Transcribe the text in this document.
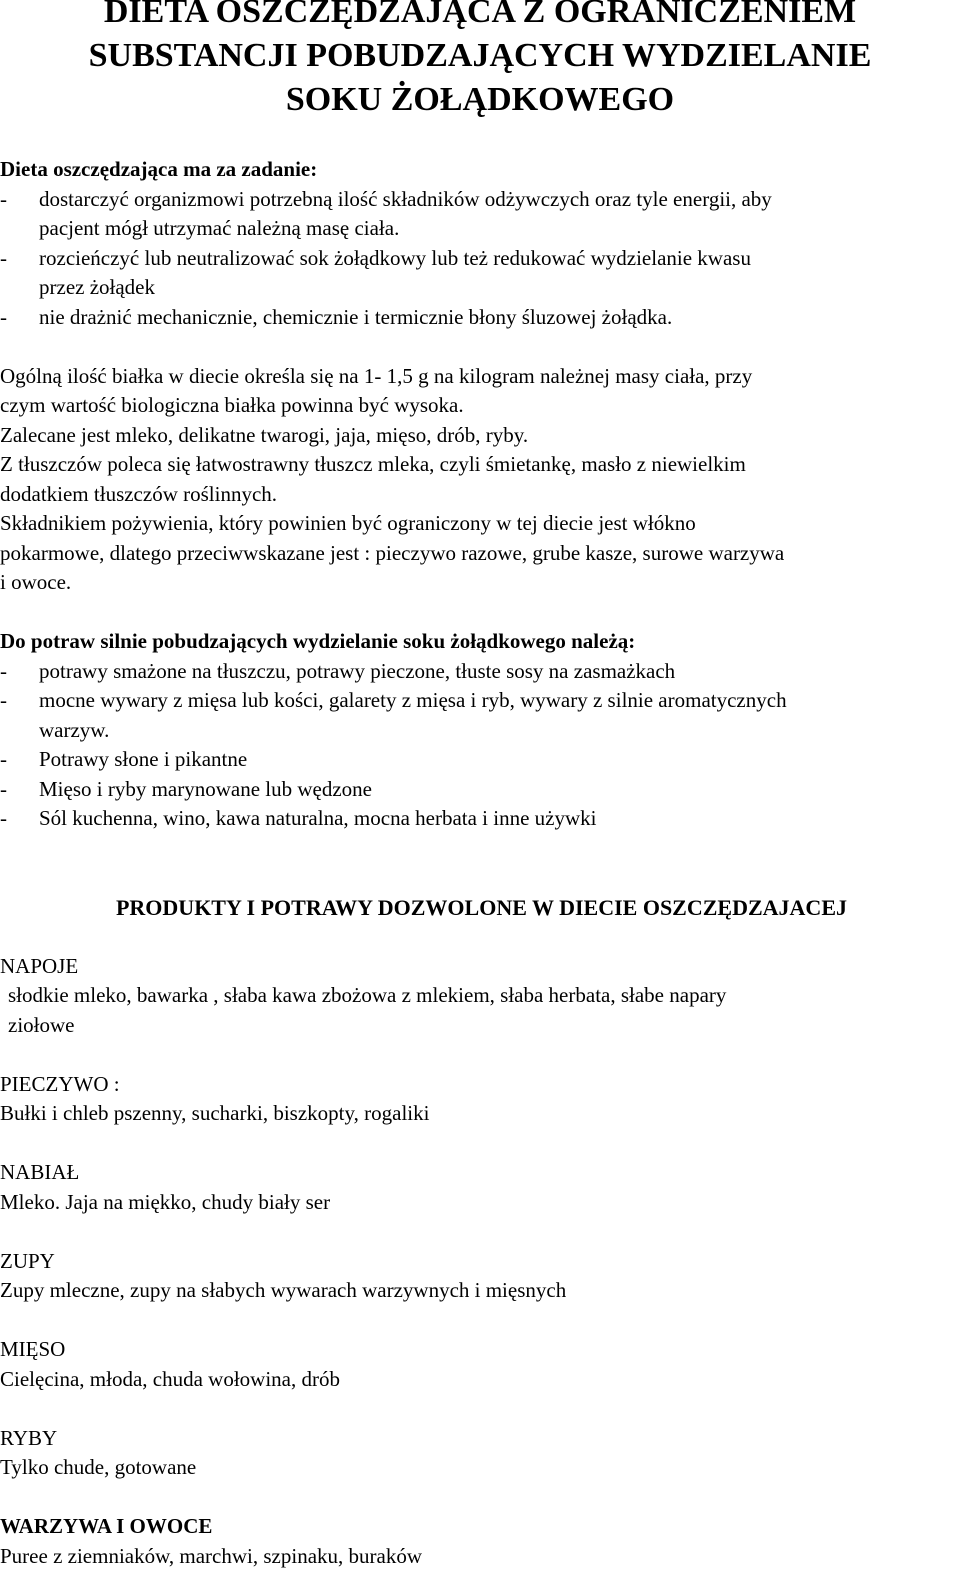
DIETA OSZCZĘDZAJĄCA Z OGRANICZENIEM
SUBSTANCJI POBUDZAJĄCYCH WYDZIELANIE
SOKU ŻOŁĄDKOWEGO
Dieta oszczędzająca ma za zadanie:
- dostarczyć organizmowi potrzebną ilość składników odżywczych oraz tyle energii, aby
pacjent mógł utrzymać należną masę ciała.
- rozcieńczyć lub neutralizować sok żołądkowy lub też redukować wydzielanie kwasu
przez żołądek
- nie drażnić mechanicznie, chemicznie i termicznie błony śluzowej żołądka.
Ogólną ilość białka w diecie określa się na 1- 1,5 g na kilogram należnej masy ciała, przy
czym wartość biologiczna białka powinna być wysoka.
Zalecane jest mleko, delikatne twarogi, jaja, mięso, drób, ryby.
Z tłuszczów poleca się łatwostrawny tłuszcz mleka, czyli śmietankę, masło z niewielkim
dodatkiem tłuszczów roślinnych.
Składnikiem pożywienia, który powinien być ograniczony w tej diecie jest włókno
pokarmowe, dlatego przeciwwskazane jest : pieczywo razowe, grube kasze, surowe warzywa
i owoce.
Do potraw silnie pobudzających wydzielanie soku żołądkowego należą:
- potrawy smażone na tłuszczu, potrawy pieczone, tłuste sosy na zasmażkach
- mocne wywary z mięsa lub kości, galarety z mięsa i ryb, wywary z silnie aromatycznych
warzyw.
- Potrawy słone i pikantne
- Mięso i ryby marynowane lub wędzone
- Sól kuchenna, wino, kawa naturalna, mocna herbata i inne używki
PRODUKTY I POTRAWY DOZWOLONE W DIECIE OSZCZĘDZAJACEJ
NAPOJE
słodkie mleko, bawarka , słaba kawa zbożowa z mlekiem, słaba herbata, słabe napary
ziołowe
PIECZYWO :
Bułki i chleb pszenny, sucharki, biszkopty, rogaliki
NABIAŁ
Mleko. Jaja na miękko, chudy biały ser
ZUPY
Zupy mleczne, zupy na słabych wywarach warzywnych i mięsnych
MIĘSO
Cielęcina, młoda, chuda wołowina, drób
RYBY
Tylko chude, gotowane
WARZYWA I OWOCE
Puree z ziemniaków, marchwi, szpinaku, buraków
